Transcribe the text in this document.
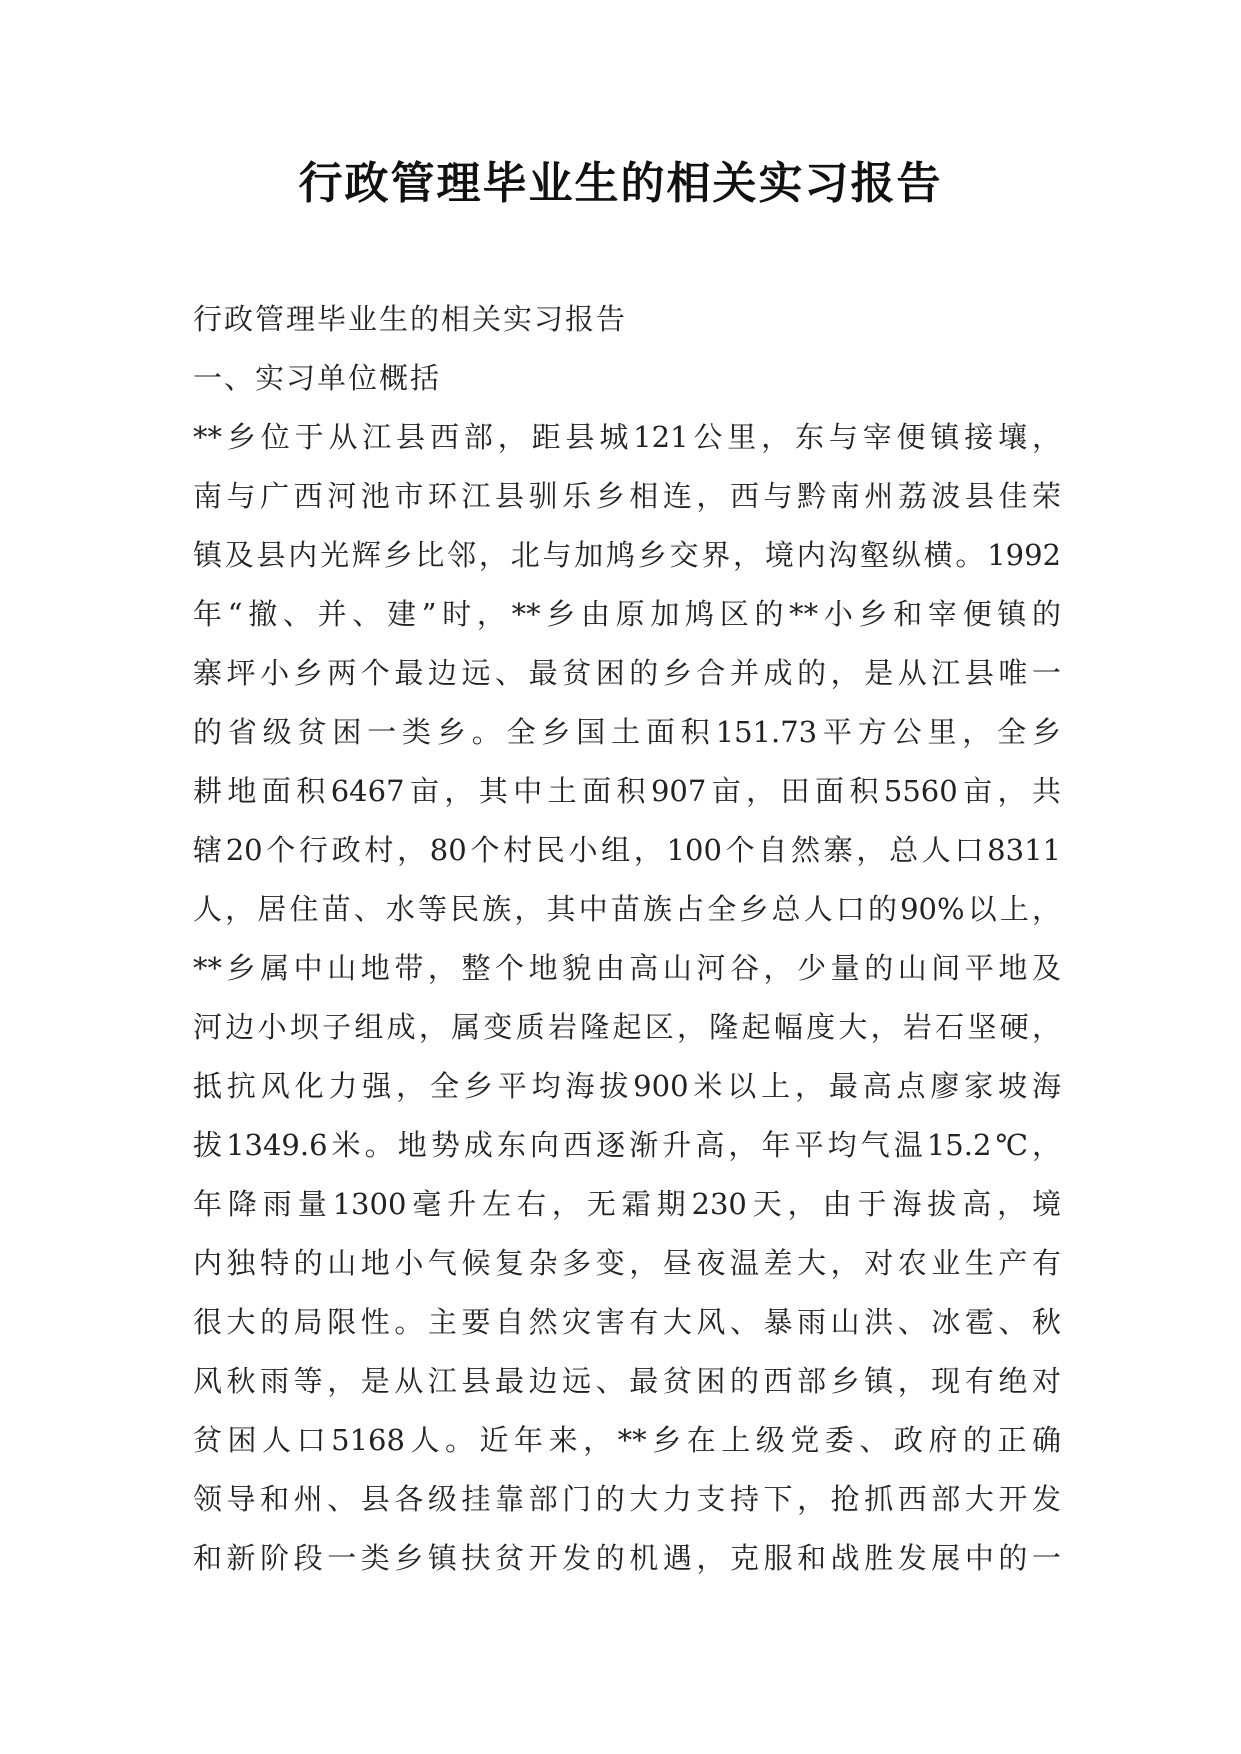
行政管理毕业生的相关实习报告
行政管理毕业生的相关实习报告
一、实习单位概括
**乡位于从江县西部，距县城121公里，东与宰便镇接壤，
南与广西河池市环江县驯乐乡相连，西与黔南州荔波县佳荣
镇及县内光辉乡比邻，北与加鸠乡交界，境内沟壑纵横。1992
年“撤、并、建”时，**乡由原加鸠区的**小乡和宰便镇的
寨坪小乡两个最边远、最贫困的乡合并成的，是从江县唯一
的省级贫困一类乡。全乡国土面积151.73平方公里，全乡
耕地面积6467亩，其中土面积907亩，田面积5560亩，共
辖20个行政村，80个村民小组，100个自然寨，总人口8311
人，居住苗、水等民族，其中苗族占全乡总人口的90%以上，
**乡属中山地带，整个地貌由高山河谷，少量的山间平地及
河边小坝子组成，属变质岩隆起区，隆起幅度大，岩石坚硬，
抵抗风化力强，全乡平均海拔900米以上，最高点廖家坡海
拔1349.6米。地势成东向西逐渐升高，年平均气温15.2℃，
年降雨量1300毫升左右，无霜期230天，由于海拔高，境
内独特的山地小气候复杂多变，昼夜温差大，对农业生产有
很大的局限性。主要自然灾害有大风、暴雨山洪、冰雹、秋
风秋雨等，是从江县最边远、最贫困的西部乡镇，现有绝对
贫困人口5168人。近年来，**乡在上级党委、政府的正确
领导和州、县各级挂靠部门的大力支持下，抢抓西部大开发
和新阶段一类乡镇扶贫开发的机遇，克服和战胜发展中的一
